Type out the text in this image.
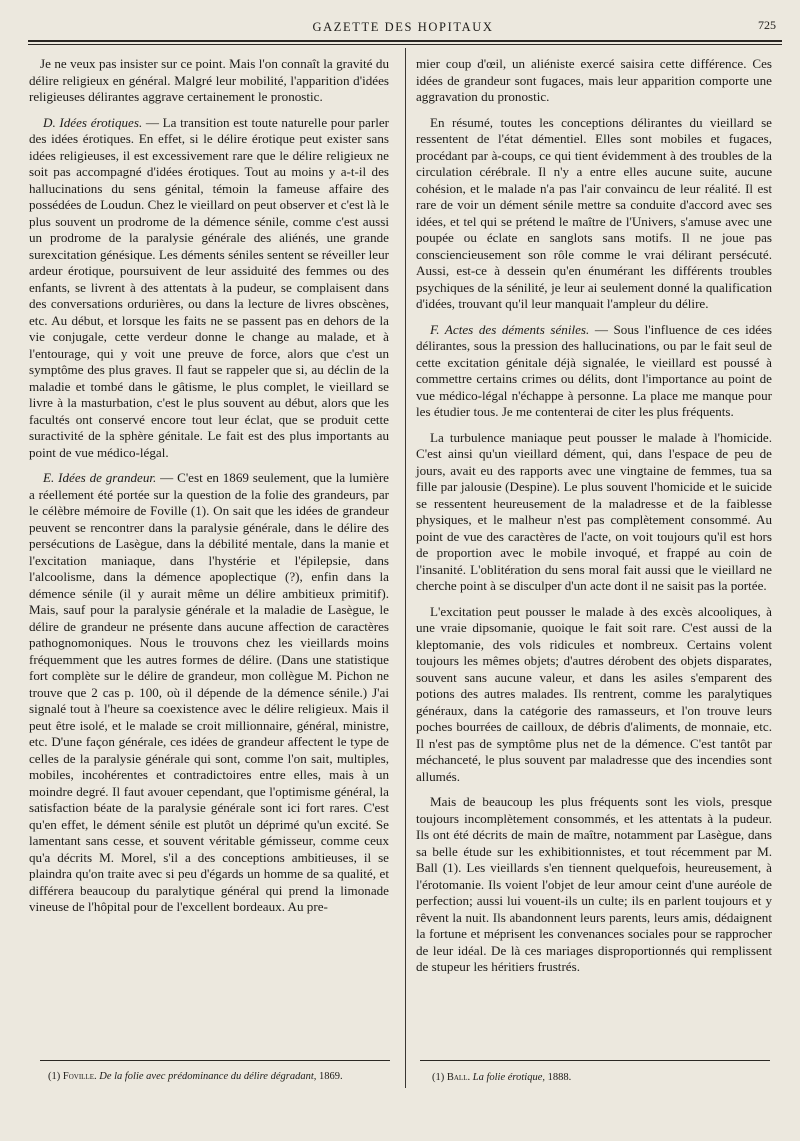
GAZETTE DES HOPITAUX	725

Je ne veux pas insister sur ce point. Mais l'on connaît la gravité du délire religieux en général. Malgré leur mobilité, l'apparition d'idées religieuses délirantes aggrave certainement le pronostic.

D. Idées érotiques. — La transition est toute naturelle pour parler des idées érotiques. En effet, si le délire érotique peut exister sans idées religieuses, il est excessivement rare que le délire religieux ne soit pas accompagné d'idées érotiques. Tout au moins y a-t-il des hallucinations du sens génital, témoin la fameuse affaire des possédées de Loudun. Chez le vieillard on peut observer et c'est là le plus souvent un prodrome de la démence sénile, comme c'est aussi un prodrome de la paralysie générale des aliénés, une grande surexcitation génésique. Les déments séniles sentent se réveiller leur ardeur érotique, poursuivent de leur assiduité des femmes ou des enfants, se livrent à des attentats à la pudeur, se complaisent dans des conversations ordurières, ou dans la lecture de livres obscènes, etc. Au début, et lorsque les faits ne se passent pas en dehors de la vie conjugale, cette verdeur donne le change au malade, et à l'entourage, qui y voit une preuve de force, alors que c'est un symptôme des plus graves. Il faut se rappeler que si, au déclin de la maladie et tombé dans le gâtisme, le plus complet, le vieillard se livre à la masturbation, c'est le plus souvent au début, alors que les facultés ont conservé encore tout leur éclat, que se produit cette suractivité de la sphère génitale. Le fait est des plus importants au point de vue médico-légal.

E. Idées de grandeur. — C'est en 1869 seulement, que la lumière a réellement été portée sur la question de la folie des grandeurs, par le célèbre mémoire de Foville (1). On sait que les idées de grandeur peuvent se rencontrer dans la paralysie générale, dans le délire des persécutions de Lasègue, dans la débilité mentale, dans la manie et l'excitation maniaque, dans l'hystérie et l'épilepsie, dans l'alcoolisme, dans la démence apoplectique (?), enfin dans la démence sénile (il y aurait même un délire ambitieux primitif). Mais, sauf pour la paralysie générale et la maladie de Lasègue, le délire de grandeur ne présente dans aucune affection de caractères pathognomoniques. Nous le trouvons chez les vieillards moins fréquemment que les autres formes de délire. (Dans une statistique fort complète sur le délire de grandeur, mon collègue M. Pichon ne trouve que 2 cas p. 100, où il dépende de la démence sénile.) J'ai signalé tout à l'heure sa coexistence avec le délire religieux. Mais il peut être isolé, et le malade se croit millionnaire, général, ministre, etc. D'une façon générale, ces idées de grandeur affectent le type de celles de la paralysie générale qui sont, comme l'on sait, multiples, mobiles, incohérentes et contradictoires entre elles, mais à un moindre degré. Il faut avouer cependant, que l'optimisme général, la satisfaction béate de la paralysie générale sont ici fort rares. C'est qu'en effet, le dément sénile est plutôt un déprimé qu'un excité. Se lamentant sans cesse, et souvent véritable gémisseur, comme ceux qu'a décrits M. Morel, s'il a des conceptions ambitieuses, il se plaindra qu'on traite avec si peu d'égards un homme de sa qualité, et différera beaucoup du paralytique général qui prend la limonade vineuse de l'hôpital pour de l'excellent bordeaux. Au pre-

mier coup d'œil, un aliéniste exercé saisira cette différence. Ces idées de grandeur sont fugaces, mais leur apparition comporte une aggravation du pronostic.

En résumé, toutes les conceptions délirantes du vieillard se ressentent de l'état démentiel. Elles sont mobiles et fugaces, procédant par à-coups, ce qui tient évidemment à des troubles de la circulation cérébrale. Il n'y a entre elles aucune suite, aucune cohésion, et le malade n'a pas l'air convaincu de leur réalité. Il est rare de voir un dément sénile mettre sa conduite d'accord avec ses idées, et tel qui se prétend le maître de l'Univers, s'amuse avec une poupée ou éclate en sanglots sans motifs. Il ne joue pas consciencieusement son rôle comme le vrai délirant persécuté. Aussi, est-ce à dessein qu'en énumérant les différents troubles psychiques de la sénilité, je leur ai seulement donné la qualification d'idées, trouvant qu'il leur manquait l'ampleur du délire.

F. Actes des déments séniles. — Sous l'influence de ces idées délirantes, sous la pression des hallucinations, ou par le fait seul de cette excitation génitale déjà signalée, le vieillard est poussé à commettre certains crimes ou délits, dont l'importance au point de vue médico-légal n'échappe à personne. La place me manque pour les étudier tous. Je me contenterai de citer les plus fréquents.

La turbulence maniaque peut pousser le malade à l'homicide. C'est ainsi qu'un vieillard dément, qui, dans l'espace de peu de jours, avait eu des rapports avec une vingtaine de femmes, tua sa fille par jalousie (Despine). Le plus souvent l'homicide et le suicide se ressentent heureusement de la maladresse et de la faiblesse physiques, et le malheur n'est pas complètement consommé. Au point de vue des caractères de l'acte, on voit toujours qu'il est hors de proportion avec le mobile invoqué, et frappé au coin de l'insanité. L'oblitération du sens moral fait aussi que le vieillard ne cherche point à se disculper d'un acte dont il ne saisit pas la portée.

L'excitation peut pousser le malade à des excès alcooliques, à une vraie dipsomanie, quoique le fait soit rare. C'est aussi de la kleptomanie, des vols ridicules et nombreux. Certains volent toujours les mêmes objets; d'autres dérobent des objets disparates, souvent sans aucune valeur, et dans les asiles s'emparent des potions des autres malades. Ils rentrent, comme les paralytiques généraux, dans la catégorie des ramasseurs, et l'on trouve leurs poches bourrées de cailloux, de débris d'aliments, de monnaie, etc. Il n'est pas de symptôme plus net de la démence. C'est tantôt par méchanceté, le plus souvent par maladresse que des incendies sont allumés.

Mais de beaucoup les plus fréquents sont les viols, presque toujours incomplètement consommés, et les attentats à la pudeur. Ils ont été décrits de main de maître, notamment par Lasègue, dans sa belle étude sur les exhibitionnistes, et tout récemment par M. Ball (1). Les vieillards s'en tiennent quelquefois, heureusement, à l'érotomanie. Ils voient l'objet de leur amour ceint d'une auréole de perfection; aussi lui vouent-ils un culte; ils en parlent toujours et y rêvent la nuit. Ils abandonnent leurs parents, leurs amis, dédaignent la fortune et méprisent les convenances sociales pour se rapprocher de leur idéal. De là ces mariages disproportionnés qui remplissent de stupeur les héritiers frustrés.

(1) Foville. De la folie avec prédominance du délire dégradant, 1869.	(1) Ball. La folie érotique, 1888.
